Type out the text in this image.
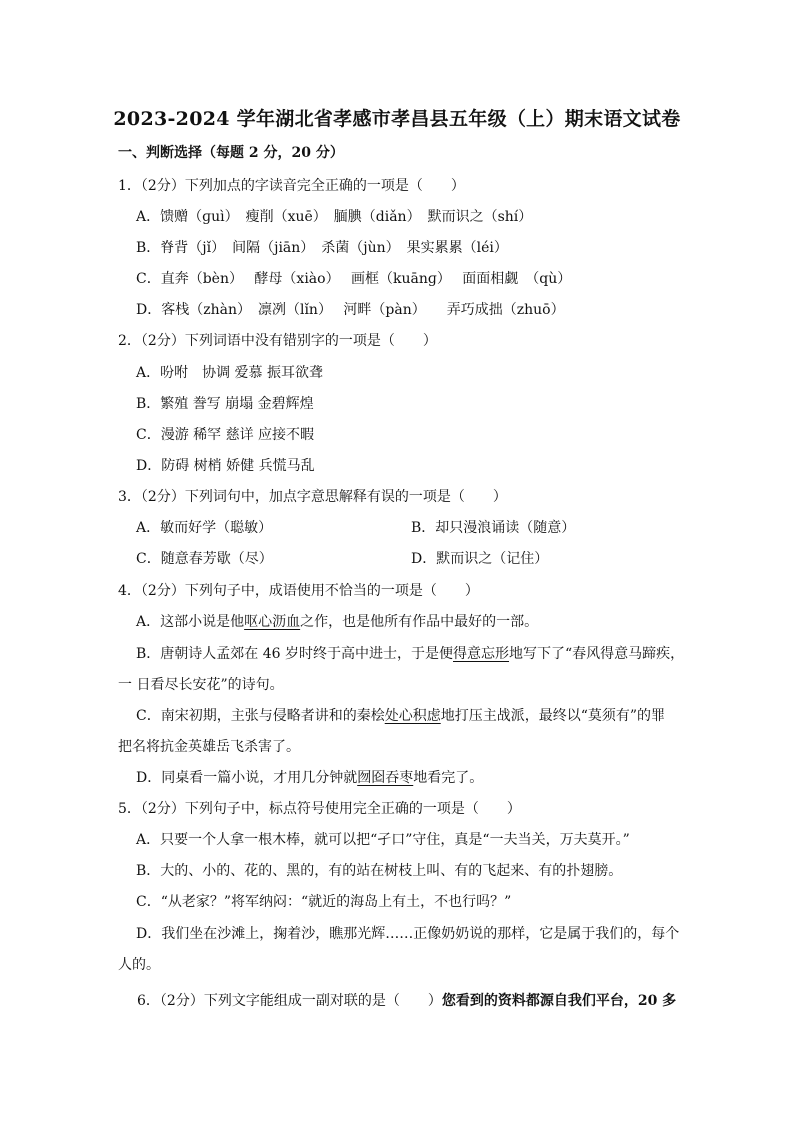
2023-2024 学年湖北省孝感市孝昌县五年级（上）期末语文试卷
一、判断选择（每题 2 分，20 分）
1．（2分）下列加点的字读音完全正确的一项是（　　）
A．馈赠（ɡuì）　瘦削（xuē）　腼腆（diǎn）　默而识之（shí）
B．脊背（jǐ）　间隔（jiān）　杀菌（jùn）　果实累累（léi）
C．直奔（bèn）　 酵母（xiào）　 画框（kuānɡ）　 面面相觑　（qù）
D．客栈（zhàn）　凛冽（lǐn）　 河畔（pàn）　　弄巧成拙（zhuō）
2．（2分）下列词语中没有错别字的一项是（　　）
A．吩咐　协调 爱慕 振耳欲聋
B．繁殖 誊写 崩塌 金碧辉煌
C．漫游 稀罕 慈详 应接不暇
D．防碍 树梢 娇健 兵慌马乱
3．（2分）下列词句中，加点字意思解释有误的一项是（　　）
A．敏而好学（聪敏）	B．却只漫浪诵读（随意）
C．随意春芳歇（尽）	D．默而识之（记住）
4．（2分）下列句子中，成语使用不恰当的一项是（　　）
A．这部小说是他呕心沥血之作，也是他所有作品中最好的一部。
B．唐朝诗人孟郊在 46 岁时终于高中进士，于是便得意忘形地写下了“春风得意马蹄疾，
一 日看尽长安花”的诗句。
C．南宋初期，主张与侵略者讲和的秦桧处心积虑地打压主战派，最终以“莫须有”的罪
把名将抗金英雄岳飞杀害了。
D．同桌看一篇小说，才用几分钟就囫囵吞枣地看完了。
5．（2分）下列句子中，标点符号使用完全正确的一项是（　　）
A．只要一个人拿一根木棒，就可以把“孑口”守住，真是“一夫当关，万夫莫开。”
B．大的、小的、花的、黑的，有的站在树枝上叫、有的飞起来、有的扑翅膀。
C．“从老家？”将军纳闷：“就近的海岛上有土，不也行吗？”
D．我们坐在沙滩上，掬着沙，瞧那光辉……正像奶奶说的那样，它是属于我们的，每个
人的。
6．（2分）下列文字能组成一副对联的是（　　）您看到的资料都源自我们平台，20 多
